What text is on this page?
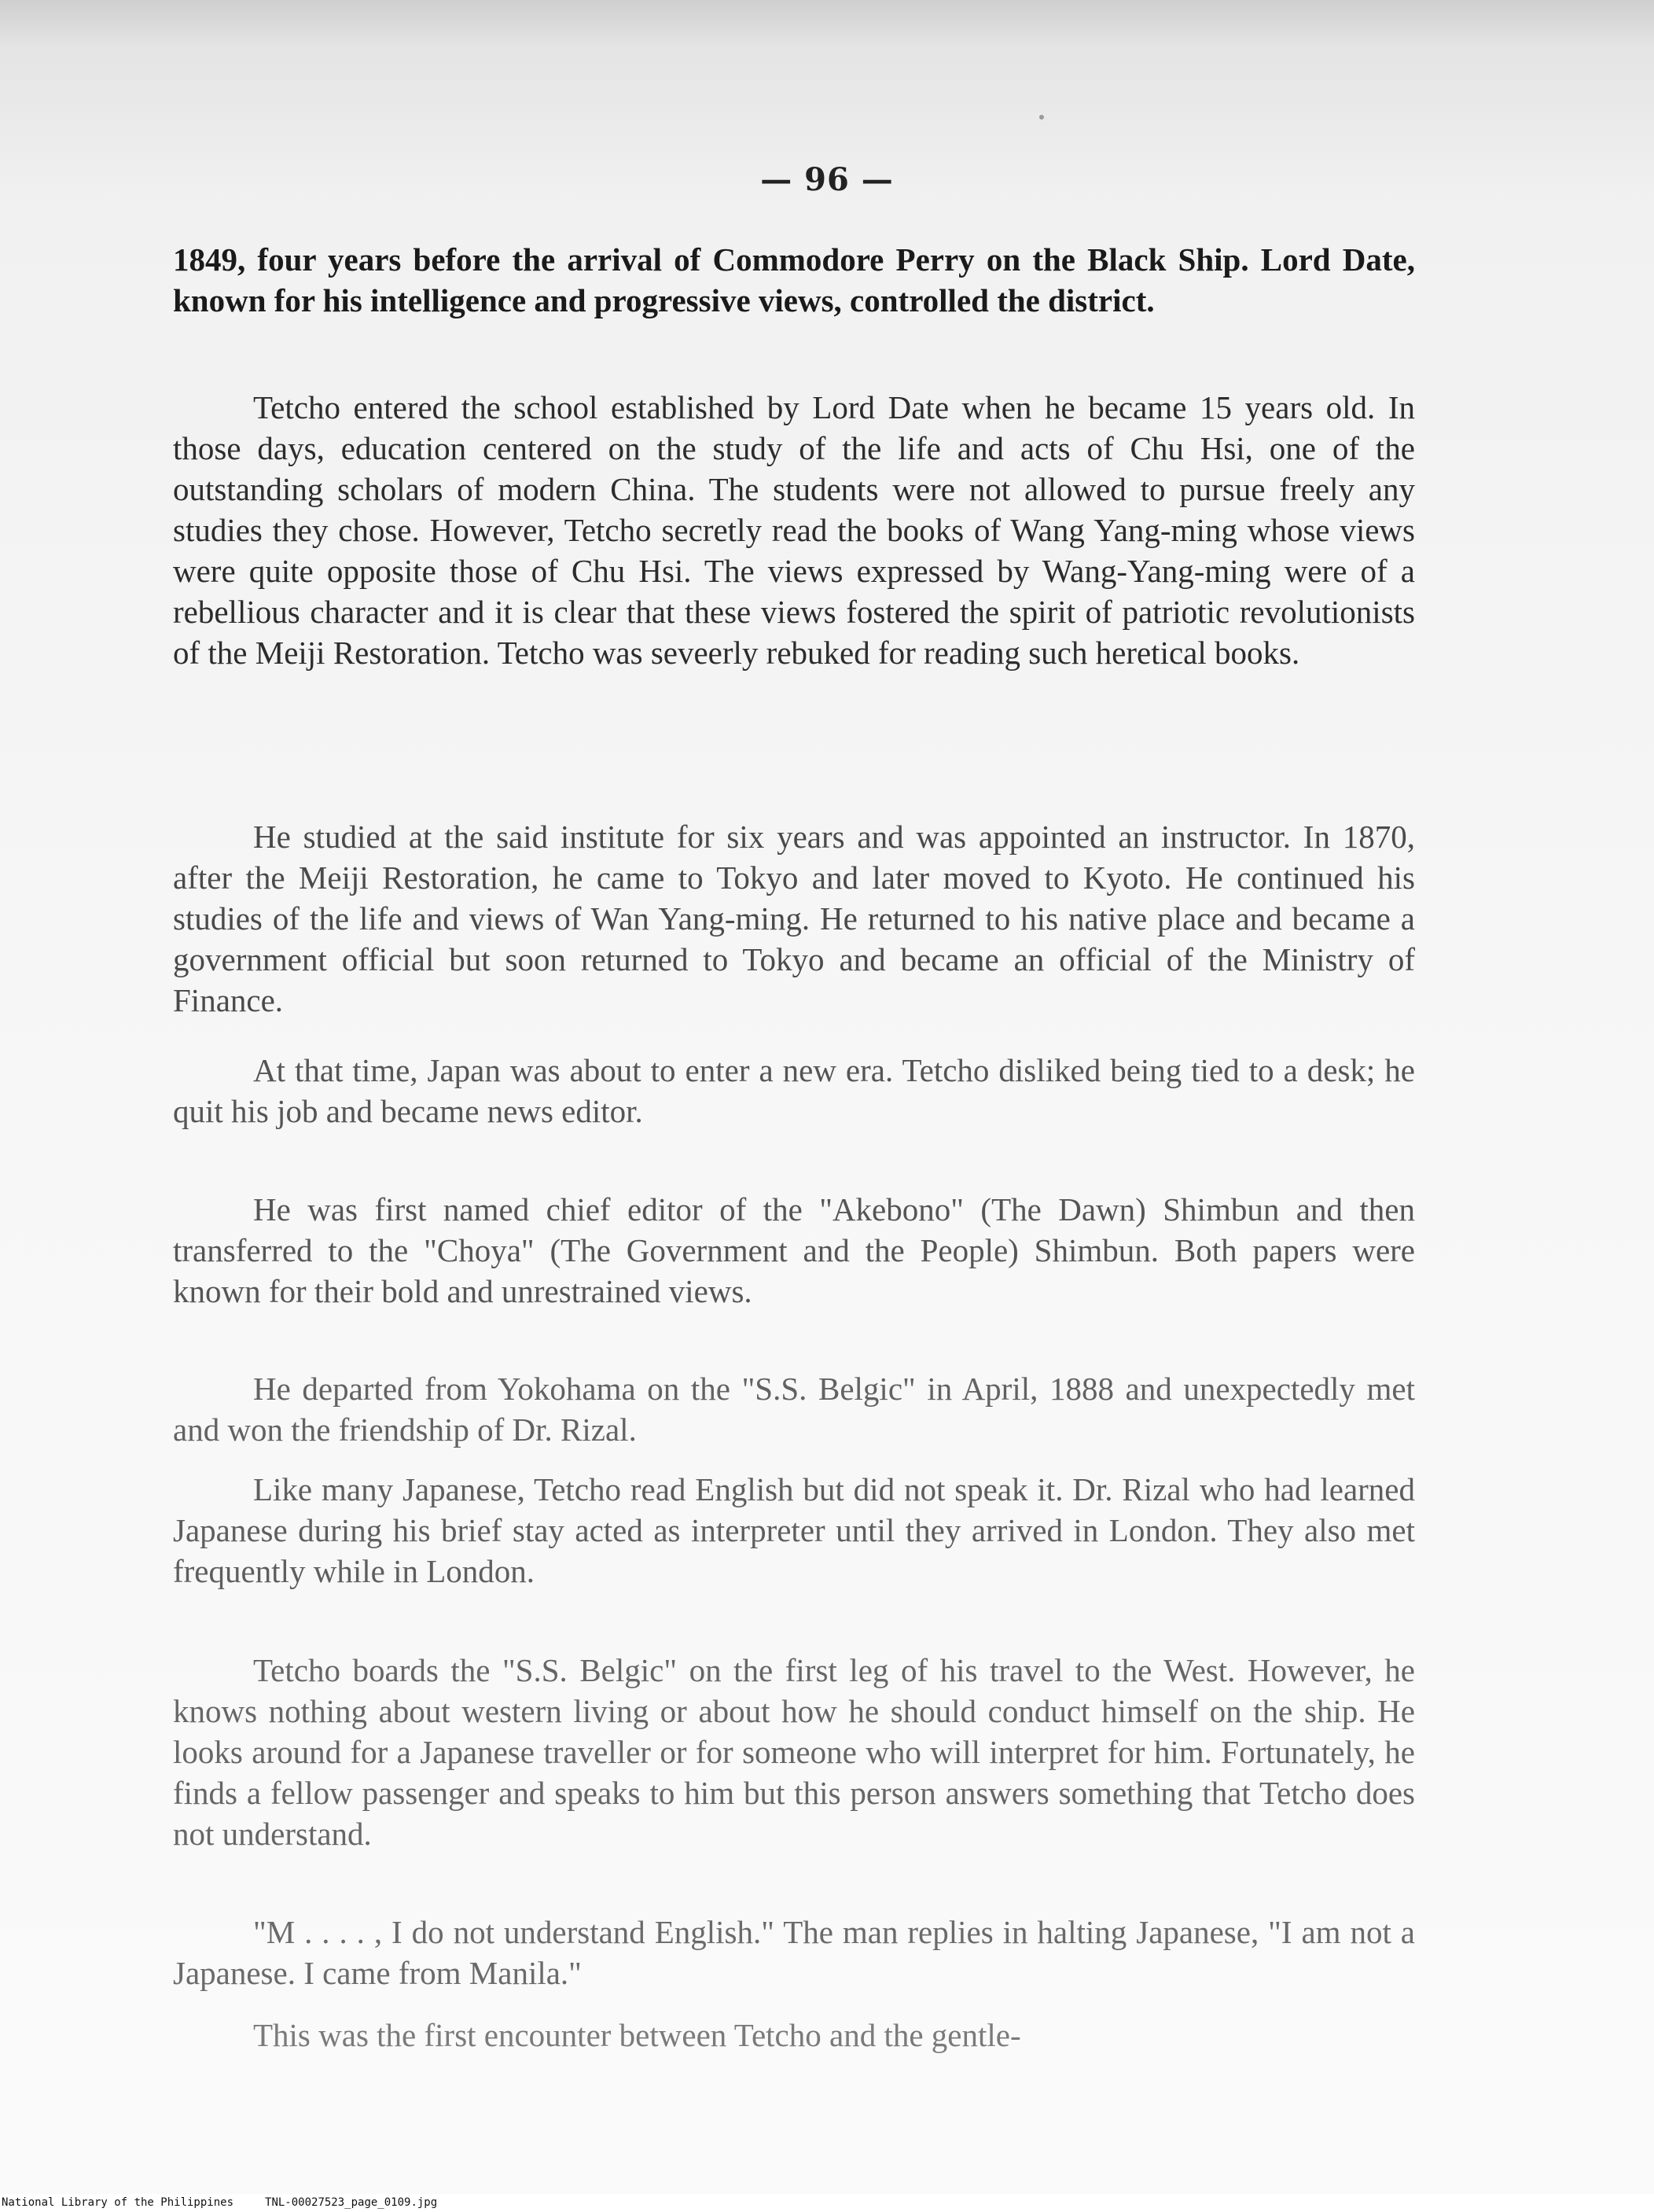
— 96 —

1849, four years before the arrival of Commodore Perry on the Black Ship. Lord Date, known for his intelligence and progressive views, controlled the district.

Tetcho entered the school established by Lord Date when he became 15 years old. In those days, education centered on the study of the life and acts of Chu Hsi, one of the outstanding scholars of modern China. The students were not allowed to pursue freely any studies they chose. However, Tetcho secretly read the books of Wang Yang-ming whose views were quite opposite those of Chu Hsi. The views expressed by Wang-Yang-ming were of a rebellious character and it is clear that these views fostered the spirit of patriotic revolutionists of the Meiji Restoration. Tetcho was seveerly rebuked for reading such heretical books.

He studied at the said institute for six years and was appointed an instructor. In 1870, after the Meiji Restoration, he came to Tokyo and later moved to Kyoto. He continued his studies of the life and views of Wan Yang-ming. He returned to his native place and became a government official but soon returned to Tokyo and became an official of the Ministry of Finance.

At that time, Japan was about to enter a new era. Tetcho disliked being tied to a desk; he quit his job and became news editor.

He was first named chief editor of the "Akebono" (The Dawn) Shimbun and then transferred to the "Choya" (The Government and the People) Shimbun. Both papers were known for their bold and unrestrained views.

He departed from Yokohama on the "S.S. Belgic" in April, 1888 and unexpectedly met and won the friendship of Dr. Rizal.

Like many Japanese, Tetcho read English but did not speak it. Dr. Rizal who had learned Japanese during his brief stay acted as interpreter until they arrived in London. They also met frequently while in London.

Tetcho boards the "S.S. Belgic" on the first leg of his travel to the West. However, he knows nothing about western living or about how he should conduct himself on the ship. He looks around for a Japanese traveller or for someone who will interpret for him. Fortunately, he finds a fellow passenger and speaks to him but this person answers something that Tetcho does not understand.

"M . . . . , I do not understand English." The man replies in halting Japanese, "I am not a Japanese. I came from Manila."

This was the first encounter between Tetcho and the gentle-

National Library of the Philippines	TNL-00027523_page_0109.jpg
